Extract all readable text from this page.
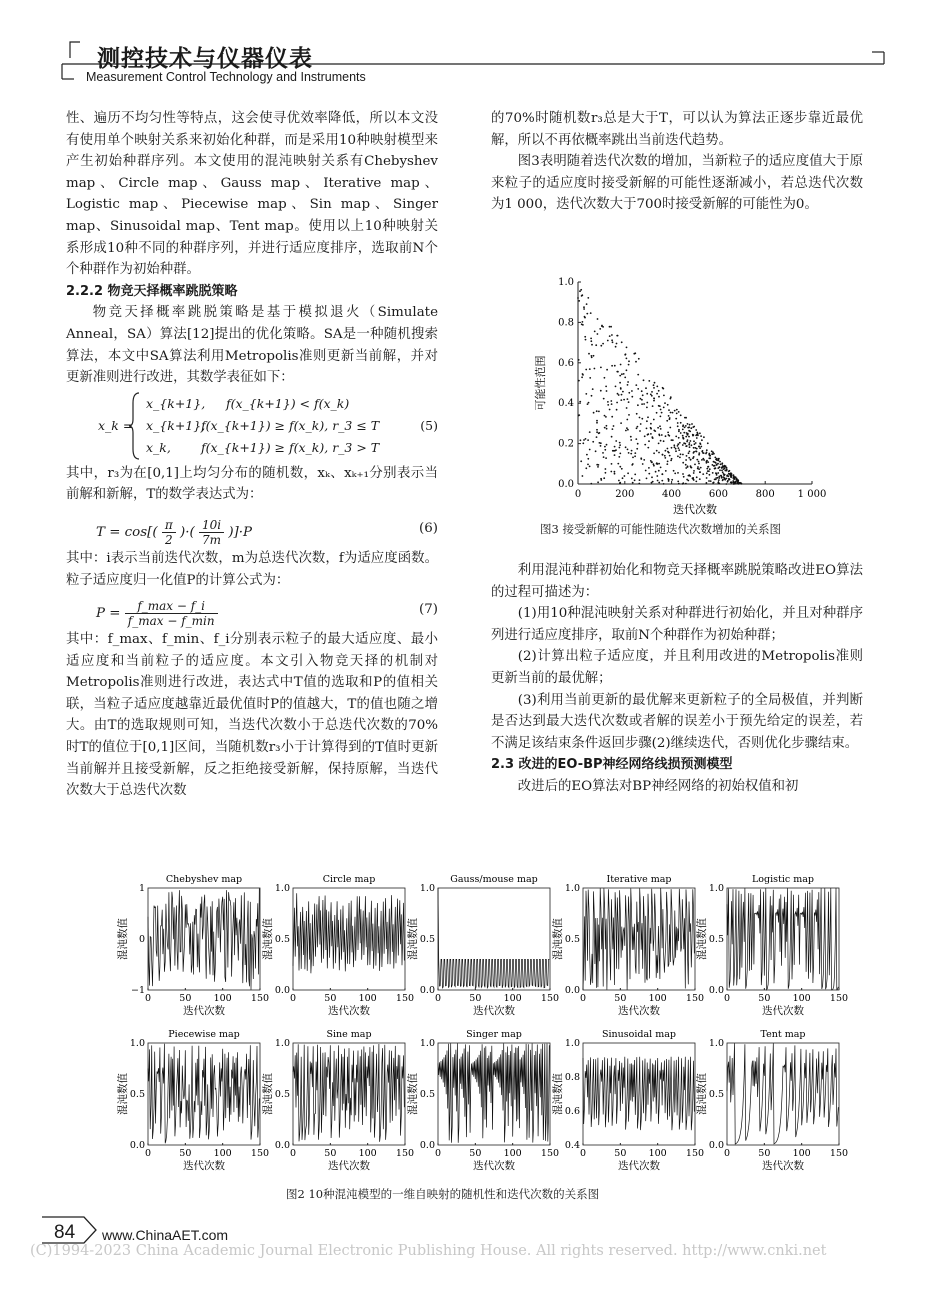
测控技术与仪器仪表
Measurement Control Technology and Instruments

性、遍历不均匀性等特点，这会使寻优效率降低，所以本文没有使用单个映射关系来初始化种群，而是采用10种映射模型来产生初始种群序列。本文使用的混沌映射关系有Chebyshev map、Circle map、Gauss map、Iterative map、Logistic map、Piecewise map、Sin map、Singer map、Sinusoidal map、Tent map。使用以上10种映射关系形成10种不同的种群序列，并进行适应度排序，选取前N个个种群作为初始种群。

2.2.2 物竞天择概率跳脱策略

物竞天择概率跳脱策略是基于模拟退火（Simulate Anneal，SA）算法[12]提出的优化策略。SA是一种随机搜索算法，本文中SA算法利用Metropolis准则更新当前解，并对更新准则进行改进，其数学表征如下：

x_k =
x_{k+1}, f(x_{k+1}) < f(x_k)
x_{k+1},
f(x_{k+1}) ≥ f(x_k), r_3 ≤ T
x_k, f(x_{k+1}) ≥ f(x_k), r_3 > T
(5)

其中，r₃为在[0,1]上均匀分布的随机数，xₖ、xₖ₊₁分别表示当前解和新解，T的数学表达式为：

$T = \cos[( \frac{\pi}{2}$ )·( $\frac{10i}{7m} )]\cdot P$	(6)

其中：i表示当前迭代次数，m为总迭代次数，f为适应度函数。粒子适应度归一化值P的计算公式为：

$P = \frac{f\_\max - f\_i}{f\_\max - f\_\min}$	(7)

其中：f_max、f_min、f_i分别表示粒子的最大适应度、最小适应度和当前粒子的适应度。本文引入物竞天择的机制对Metropolis准则进行改进，表达式中T值的选取和P的值相关联，当粒子适应度越靠近最优值时P的值越大，T的值也随之增大。由T的选取规则可知，当迭代次数小于总迭代次数的70%时T的值位于[0,1]区间，当随机数r₃小于计算得到的T值时更新当前解并且接受新解，反之拒绝接受新解，保持原解，当迭代次数大于总迭代次数

的70%时随机数r₃总是大于T，可以认为算法正逐步靠近最优解，所以不再依概率跳出当前迭代趋势。

图3表明随着迭代次数的增加，当新粒子的适应度值大于原来粒子的适应度时接受新解的可能性逐渐减小，若总迭代次数为1 000，迭代次数大于700时接受新解的可能性为0。

0	200	400	600	800 1 000
0.0
0.2
0.4
0.6
0.8
1.0
迭代次数
可能性范围
图3 接受新解的可能性随迭代次数增加的关系图

利用混沌种群初始化和物竞天择概率跳脱策略改进EO算法的过程可描述为：

(1)用10种混沌映射关系对种群进行初始化，并且对种群序列进行适应度排序，取前N个种群作为初始种群；

(2)计算出粒子适应度，并且利用改进的Metropolis准则更新当前的最优解；

(3)利用当前更新的最优解来更新粒子的全局极值，并判断是否达到最大迭代次数或者解的误差小于预先给定的误差，若不满足该结束条件返回步骤(2)继续迭代，否则优化步骤结束。

2.3 改进的EO-BP神经网络线损预测模型

改进后的EO算法对BP神经网络的初始权值和初

Chebyshev map
−1
0
1
0	50 100 150
迭代次数
混沌数值
Circle map
0.0
0.5
1.0
0	50 100 150
迭代次数
混沌数值
Gauss/mouse map
0.0
0.5
1.0
0	50 100 150
迭代次数
混沌数值
Iterative map
0.0
0.5
1.0
0	50 100 150
迭代次数
混沌数值
Logistic map
0.0
0.5
1.0
0	50 100 150
迭代次数
混沌数值
Piecewise map
0.0
0.5
1.0
0	50 100 150
迭代次数
混沌数值
Sine map
0.0
0.5
1.0
0	50 100 150
迭代次数
混沌数值
Singer map
0.0
0.5
1.0
0	50 100 150
迭代次数
混沌数值
Sinusoidal map
0.4
0.6
0.8
1.0
0	50 100 150
迭代次数
混沌数值
Tent map
0.0
0.5
1.0
0	50 100 150
迭代次数
混沌数值
图2 10种混沌模型的一维自映射的随机性和迭代次数的关系图
84 www.ChinaAET.com
(C)1994-2023 China Academic Journal Electronic Publishing House. All rights reserved. http://www.cnki.net
